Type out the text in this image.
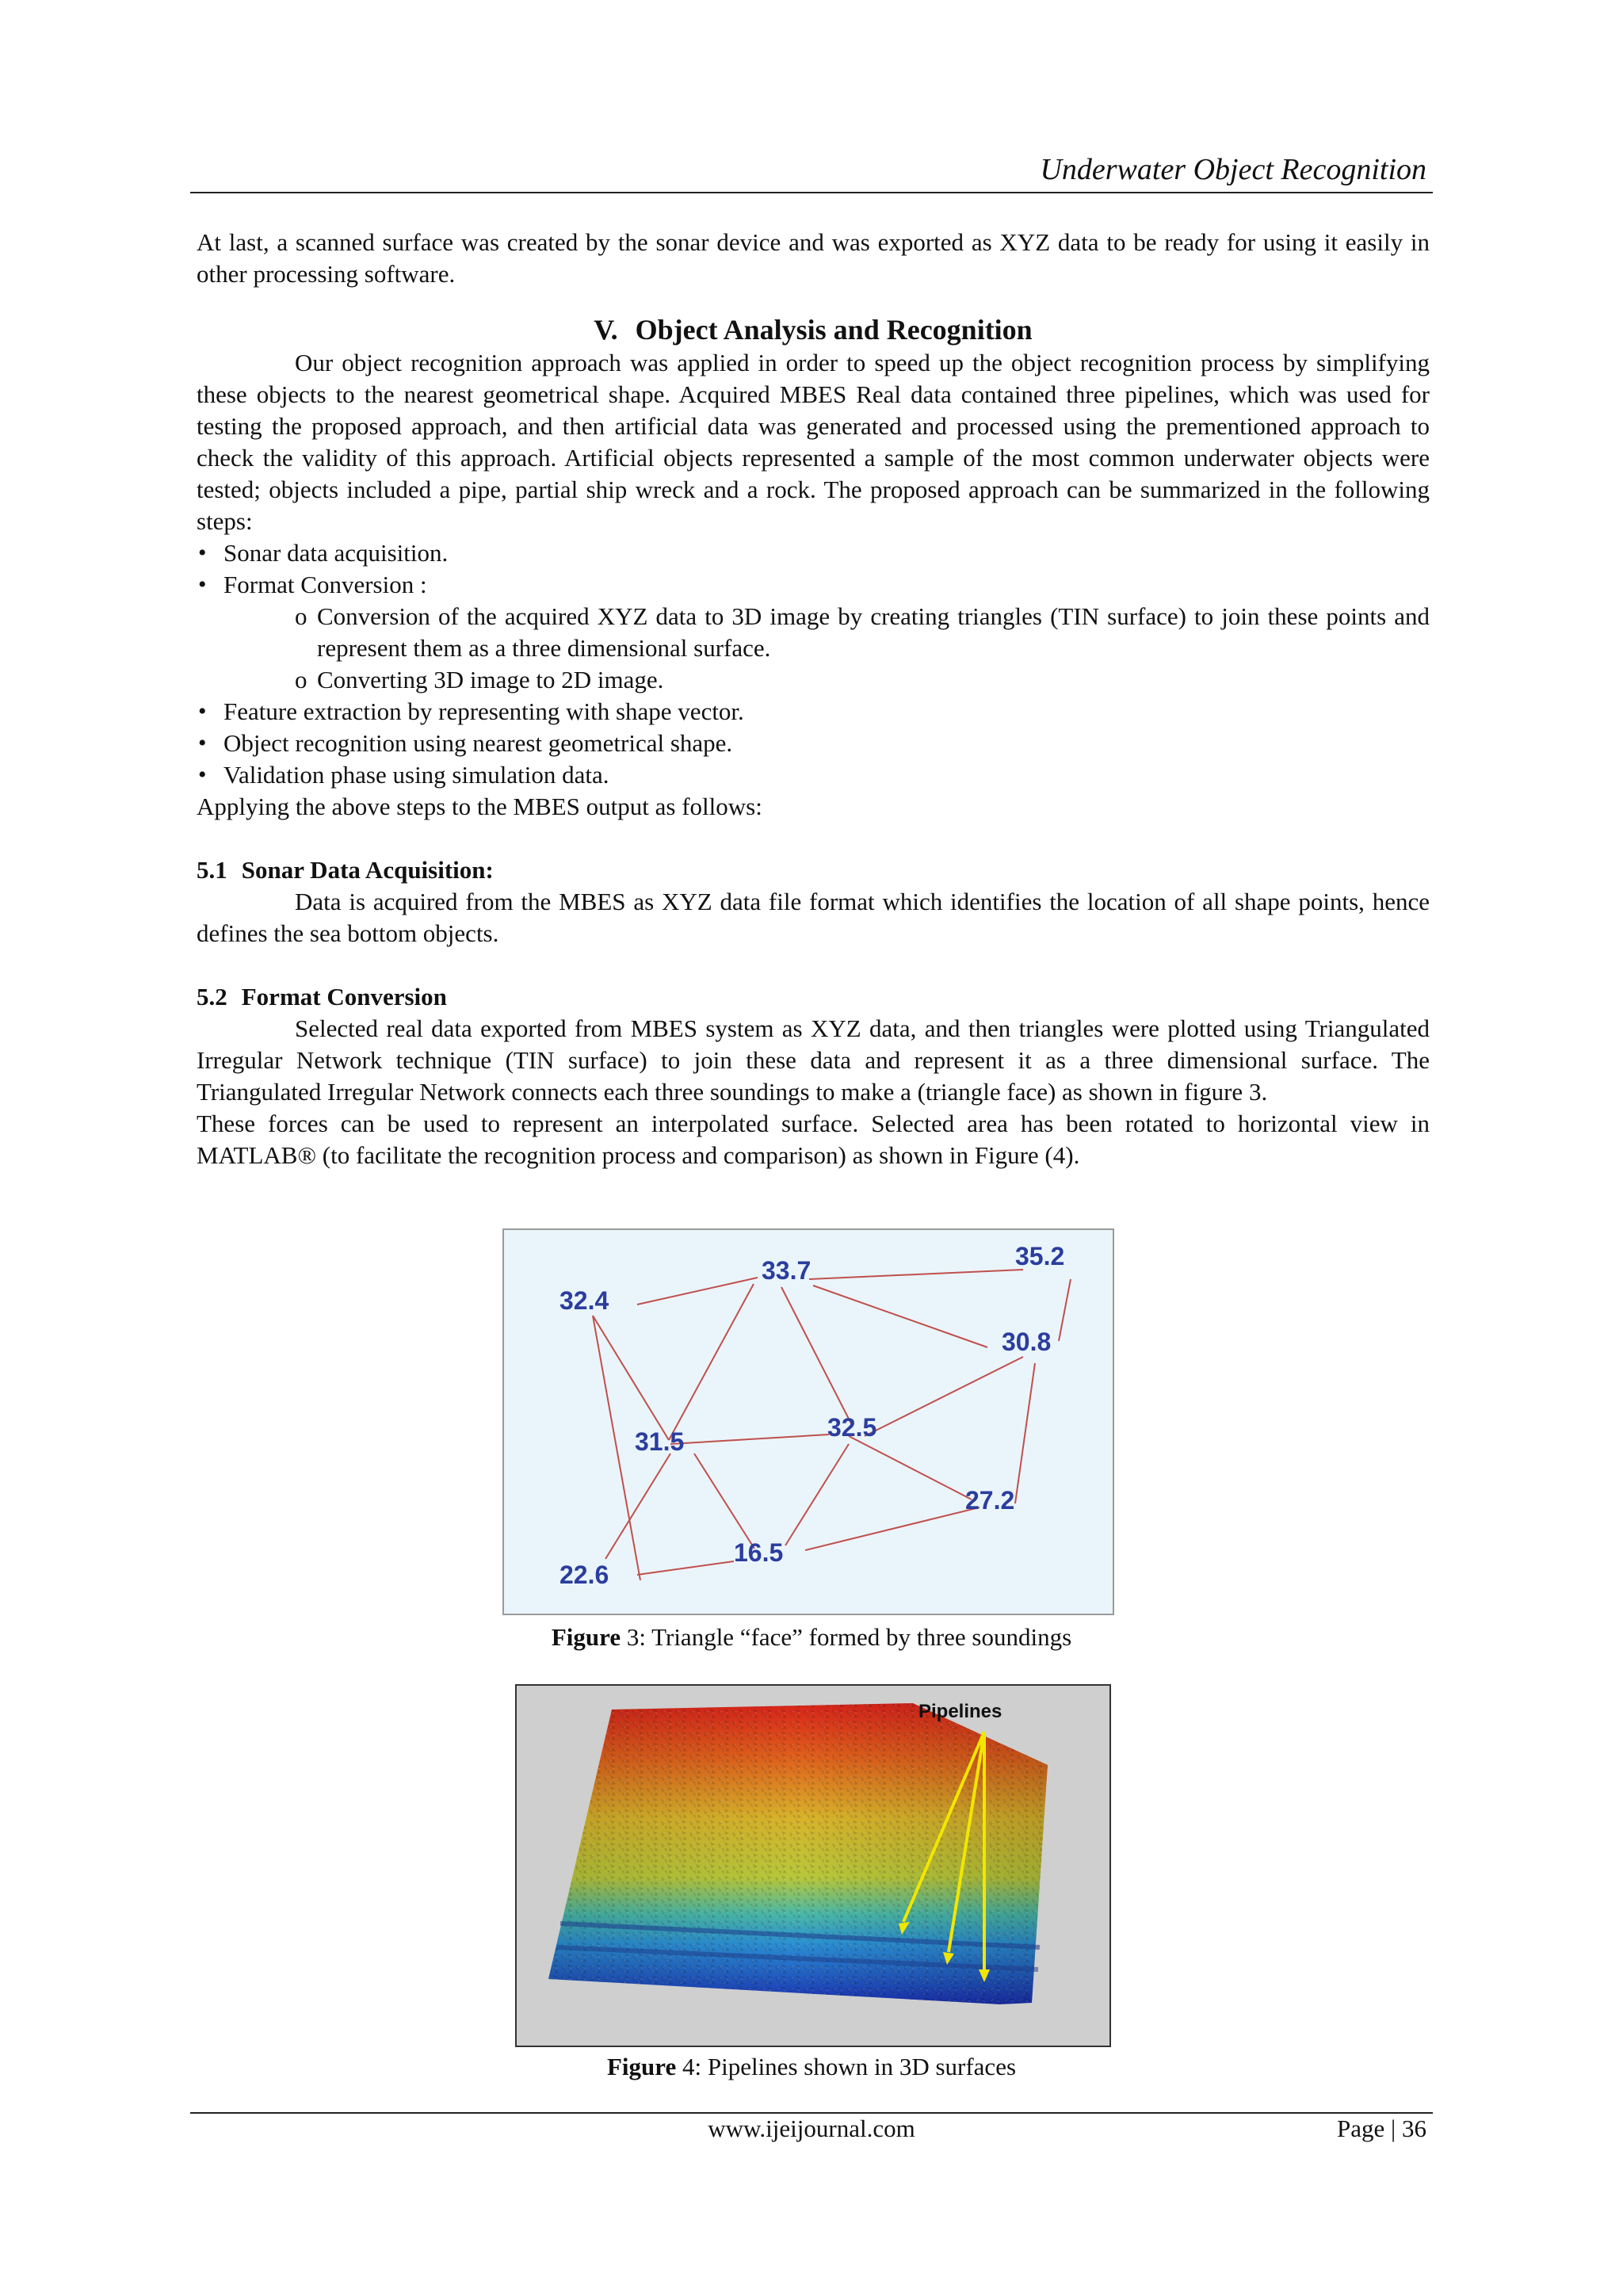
Underwater Object Recognition

At last, a scanned surface was created by the sonar device and was exported as XYZ data to be ready for using it easily in other processing software.

V. Object Analysis and Recognition

Our object recognition approach was applied in order to speed up the object recognition process by simplifying these objects to the nearest geometrical shape. Acquired MBES Real data contained three pipelines, which was used for testing the proposed approach, and then artificial data was generated and processed using the prementioned approach to check the validity of this approach. Artificial objects represented a sample of the most common underwater objects were tested; objects included a pipe, partial ship wreck and a rock. The proposed approach can be summarized in the following steps:

• Sonar data acquisition.
• Format Conversion :
o Conversion of the acquired XYZ data to 3D image by creating triangles (TIN surface) to join these points and represent them as a three dimensional surface.
o Converting 3D image to 2D image.
• Feature extraction by representing with shape vector.
• Object recognition using nearest geometrical shape.
• Validation phase using simulation data.

Applying the above steps to the MBES output as follows:

5.1 Sonar Data Acquisition:

Data is acquired from the MBES as XYZ data file format which identifies the location of all shape points, hence defines the sea bottom objects.

5.2 Format Conversion

Selected real data exported from MBES system as XYZ data, and then triangles were plotted using Triangulated Irregular Network technique (TIN surface) to join these data and represent it as a three dimensional surface. The Triangulated Irregular Network connects each three soundings to make a (triangle face) as shown in figure 3.

These forces can be used to represent an interpolated surface. Selected area has been rotated to horizontal view in MATLAB® (to facilitate the recognition process and comparison) as shown in Figure (4).

32.4
33.7	35.2
30.8
31.5	32.5
27.2
16.5
22.6
Figure 3: Triangle “face” formed by three soundings
Pipelines
Figure 4: Pipelines shown in 3D surfaces
www.ijeijournal.com	Page | 36
